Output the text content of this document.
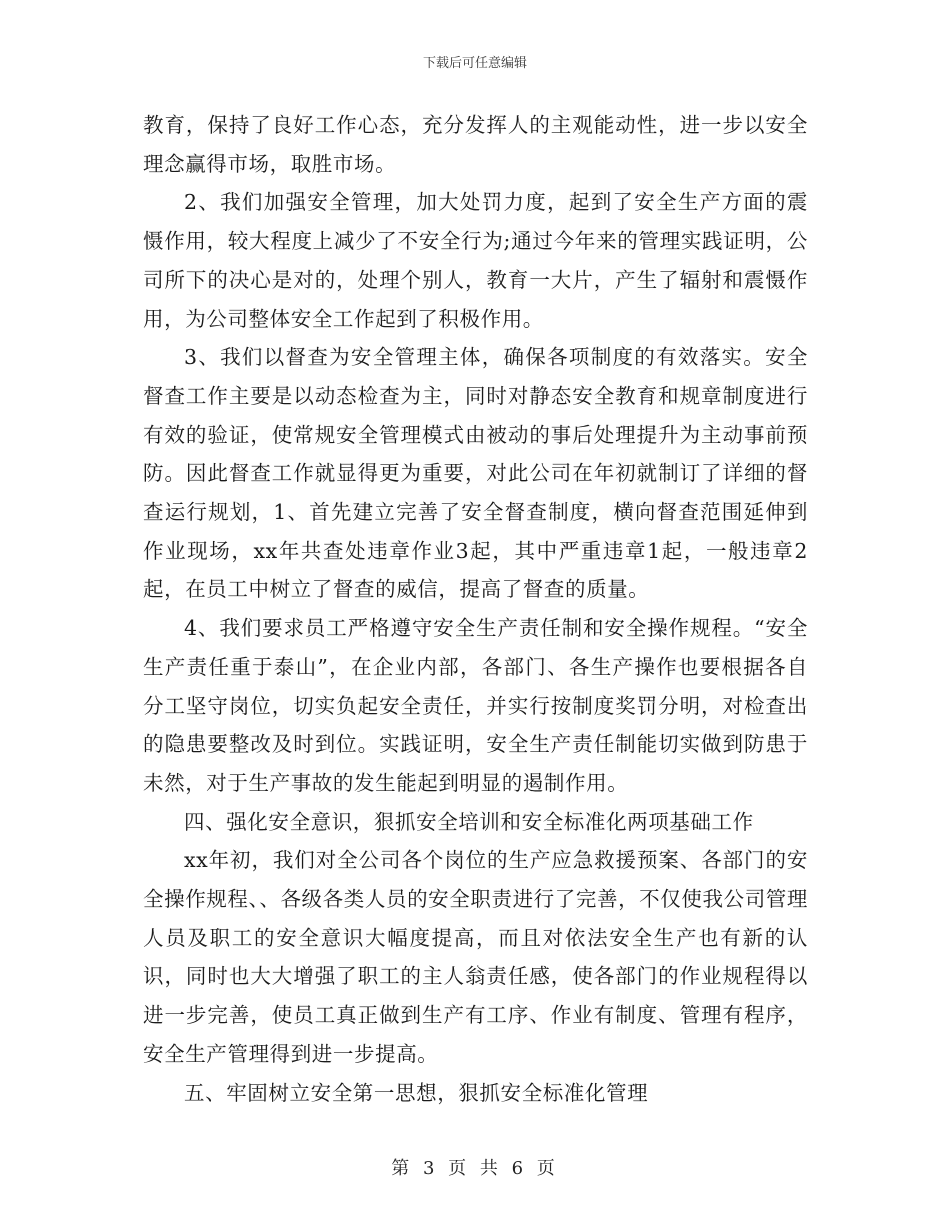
下载后可任意编辑

教育，保持了良好工作心态，充分发挥人的主观能动性，进一步以安全理念赢得市场，取胜市场。

2、我们加强安全管理，加大处罚力度，起到了安全生产方面的震慑作用，较大程度上减少了不安全行为;通过今年来的管理实践证明，公司所下的决心是对的，处理个别人，教育一大片，产生了辐射和震慑作用，为公司整体安全工作起到了积极作用。

3、我们以督查为安全管理主体，确保各项制度的有效落实。安全督查工作主要是以动态检查为主，同时对静态安全教育和规章制度进行有效的验证，使常规安全管理模式由被动的事后处理提升为主动事前预防。因此督查工作就显得更为重要，对此公司在年初就制订了详细的督查运行规划，1、首先建立完善了安全督查制度，横向督查范围延伸到作业现场，xx年共查处违章作业3起，其中严重违章1起，一般违章2起，在员工中树立了督查的威信，提高了督查的质量。

4、我们要求员工严格遵守安全生产责任制和安全操作规程。“安全生产责任重于泰山”，在企业内部，各部门、各生产操作也要根据各自分工坚守岗位，切实负起安全责任，并实行按制度奖罚分明，对检查出的隐患要整改及时到位。实践证明，安全生产责任制能切实做到防患于未然，对于生产事故的发生能起到明显的遏制作用。

四、强化安全意识，狠抓安全培训和安全标准化两项基础工作

xx年初，我们对全公司各个岗位的生产应急救援预案、各部门的安全操作规程、、各级各类人员的安全职责进行了完善，不仅使我公司管理人员及职工的安全意识大幅度提高，而且对依法安全生产也有新的认识，同时也大大增强了职工的主人翁责任感，使各部门的作业规程得以进一步完善，使员工真正做到生产有工序、作业有制度、管理有程序，安全生产管理得到进一步提高。

五、牢固树立安全第一思想，狠抓安全标准化管理

第 3 页 共 6 页
